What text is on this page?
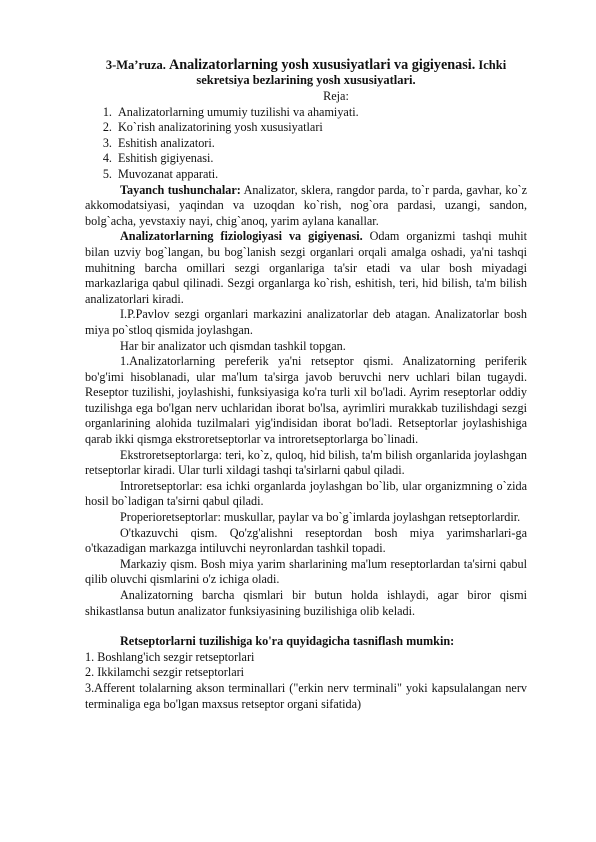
3-Ma’ruza. Analizatorlarning yosh xususiyatlari va gigiyenasi. Ichki sekretsiya bezlarining yosh xususiyatlari.
Reja:
1. Analizatorlarning umumiy tuzilishi va ahamiyati.
2. Ko`rish analizatorining yosh xususiyatlari
3. Eshitish analizatori.
4. Eshitish gigiyenasi.
5. Muvozanat apparati.

Tayanch tushunchalar: Analizator, sklera, rangdor parda, to`r parda, gavhar, ko`z akkomodatsiyasi, yaqindan va uzoqdan ko`rish, nog`ora pardasi, uzangi, sandon, bolg`acha, yevstaxiy nayi, chig`anoq, yarim aylana kanallar.

Analizatorlarning fiziologiyasi va gigiyenasi. Odam organizmi tashqi muhit bilan uzviy bog`langan, bu bog`lanish sezgi organlari orqali amalga oshadi, ya'ni tashqi muhitning barcha omillari sezgi organlariga ta'sir etadi va ular bosh miyadagi markazlariga qabul qilinadi. Sezgi organlarga ko`rish, eshitish, teri, hid bilish, ta'm bilish analizatorlari kiradi.

I.P.Pavlov sezgi organlari markazini analizatorlar deb atagan. Analizatorlar bosh miya po`stloq qismida joylashgan.

Har bir analizator uch qismdan tashkil topgan.

1.Analizatorlarning pereferik ya'ni retseptor qismi. Analizatorning periferik bo'g'imi hisoblanadi, ular ma'lum ta'sirga javob beruvchi nerv uchlari bilan tugaydi. Reseptor tuzilishi, joylashishi, funksiyasiga ko'ra turli xil bo'ladi. Ayrim reseptorlar oddiy tuzilishga ega bo'lgan nerv uchlaridan iborat bo'lsa, ayrimliri murakkab tuzilishdagi sezgi organlarining alohida tuzilmalari yig'indisidan iborat bo'ladi. Retseptorlar joylashishiga qarab ikki qismga ekstroretseptorlar va introretseptorlarga bo`linadi.

Ekstroretseptorlarga: teri, ko`z, quloq, hid bilish, ta'm bilish organlarida joylashgan retseptorlar kiradi. Ular turli xildagi tashqi ta'sirlarni qabul qiladi.

Introretseptorlar: esa ichki organlarda joylashgan bo`lib, ular organizmning o`zida hosil bo`ladigan ta'sirni qabul qiladi.

Properioretseptorlar: muskullar, paylar va bo`g`imlarda joylashgan retseptorlardir.

O'tkazuvchi qism. Qo'zg'alishni reseptordan bosh miya yarimsharlari-ga o'tkazadigan markazga intiluvchi neyronlardan tashkil topadi.

Markaziy qism. Bosh miya yarim sharlarining ma'lum reseptorlardan ta'sirni qabul qilib oluvchi qismlarini o'z ichiga oladi.

Analizatorning barcha qismlari bir butun holda ishlaydi, agar biror qismi shikastlansa butun analizator funksiyasining buzilishiga olib keladi.

Retseptorlarni tuzilishiga ko'ra quyidagicha tasniflash mumkin:

1. Boshlang'ich sezgir retseptorlari

2. Ikkilamchi sezgir retseptorlari

3.Afferent tolalarning akson terminallari ("erkin nerv terminali" yoki kapsulalangan nerv terminaliga ega bo'lgan maxsus retseptor organi sifatida)
